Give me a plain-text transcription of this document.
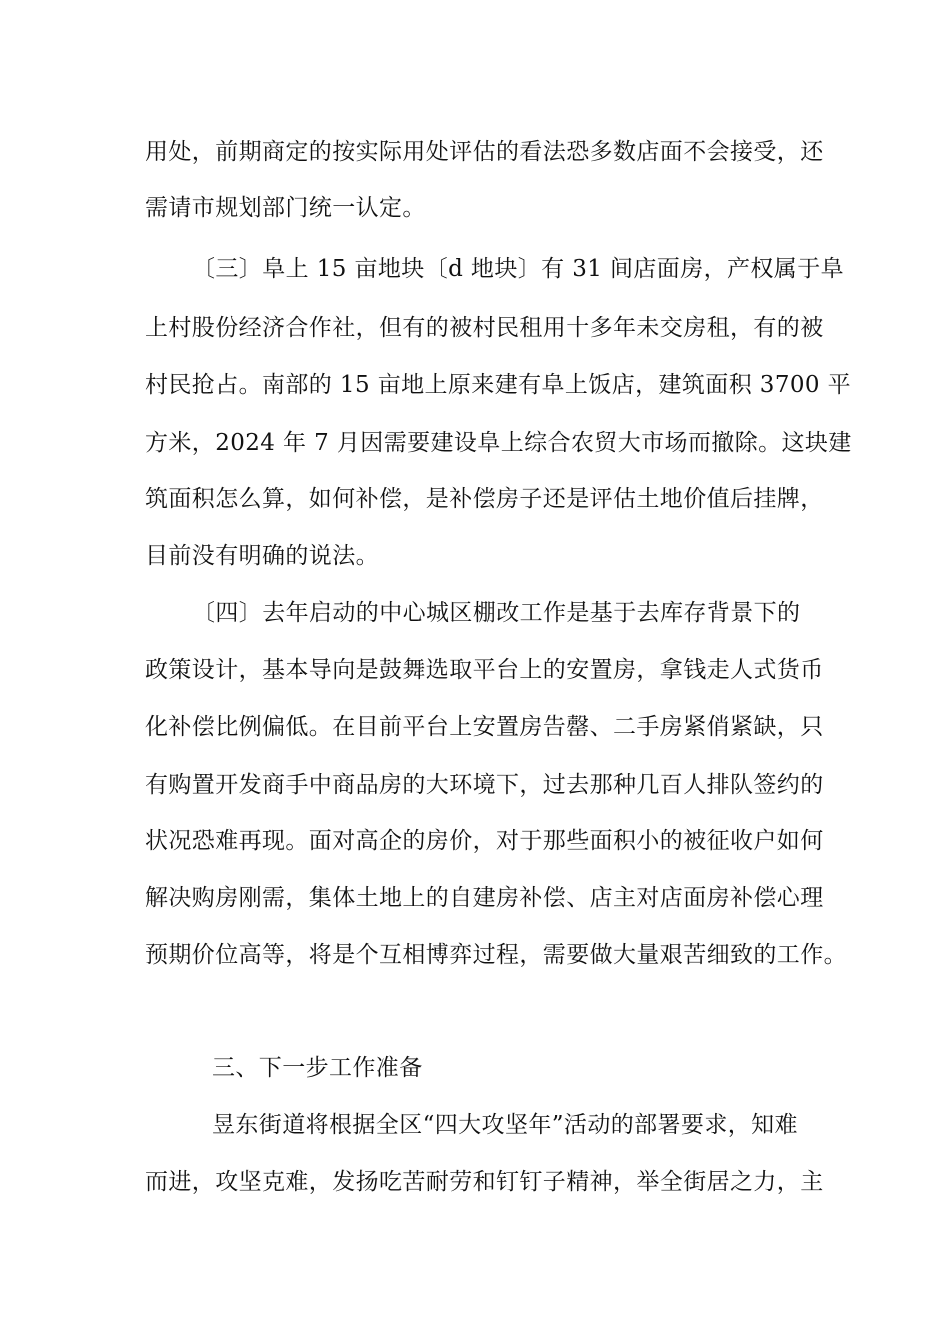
用处，前期商定的按实际用处评估的看法恐多数店面不会接受，还
需请市规划部门统一认定。
〔三〕阜上 15 亩地块〔d 地块〕有 31 间店面房，产权属于阜
上村股份经济合作社，但有的被村民租用十多年未交房租，有的被
村民抢占。南部的 15 亩地上原来建有阜上饭店，建筑面积 3700 平
方米，2024 年 7 月因需要建设阜上综合农贸大市场而撤除。这块建
筑面积怎么算，如何补偿，是补偿房子还是评估土地价值后挂牌，
目前没有明确的说法。
〔四〕去年启动的中心城区棚改工作是基于去库存背景下的
政策设计，基本导向是鼓舞选取平台上的安置房，拿钱走人式货币
化补偿比例偏低。在目前平台上安置房告罄、二手房紧俏紧缺，只
有购置开发商手中商品房的大环境下，过去那种几百人排队签约的
状况恐难再现。面对高企的房价，对于那些面积小的被征收户如何
解决购房刚需，集体土地上的自建房补偿、店主对店面房补偿心理
预期价位高等，将是个互相博弈过程，需要做大量艰苦细致的工作。
三、下一步工作准备
昱东街道将根据全区“四大攻坚年”活动的部署要求，知难
而进，攻坚克难，发扬吃苦耐劳和钉钉子精神，举全街居之力，主
